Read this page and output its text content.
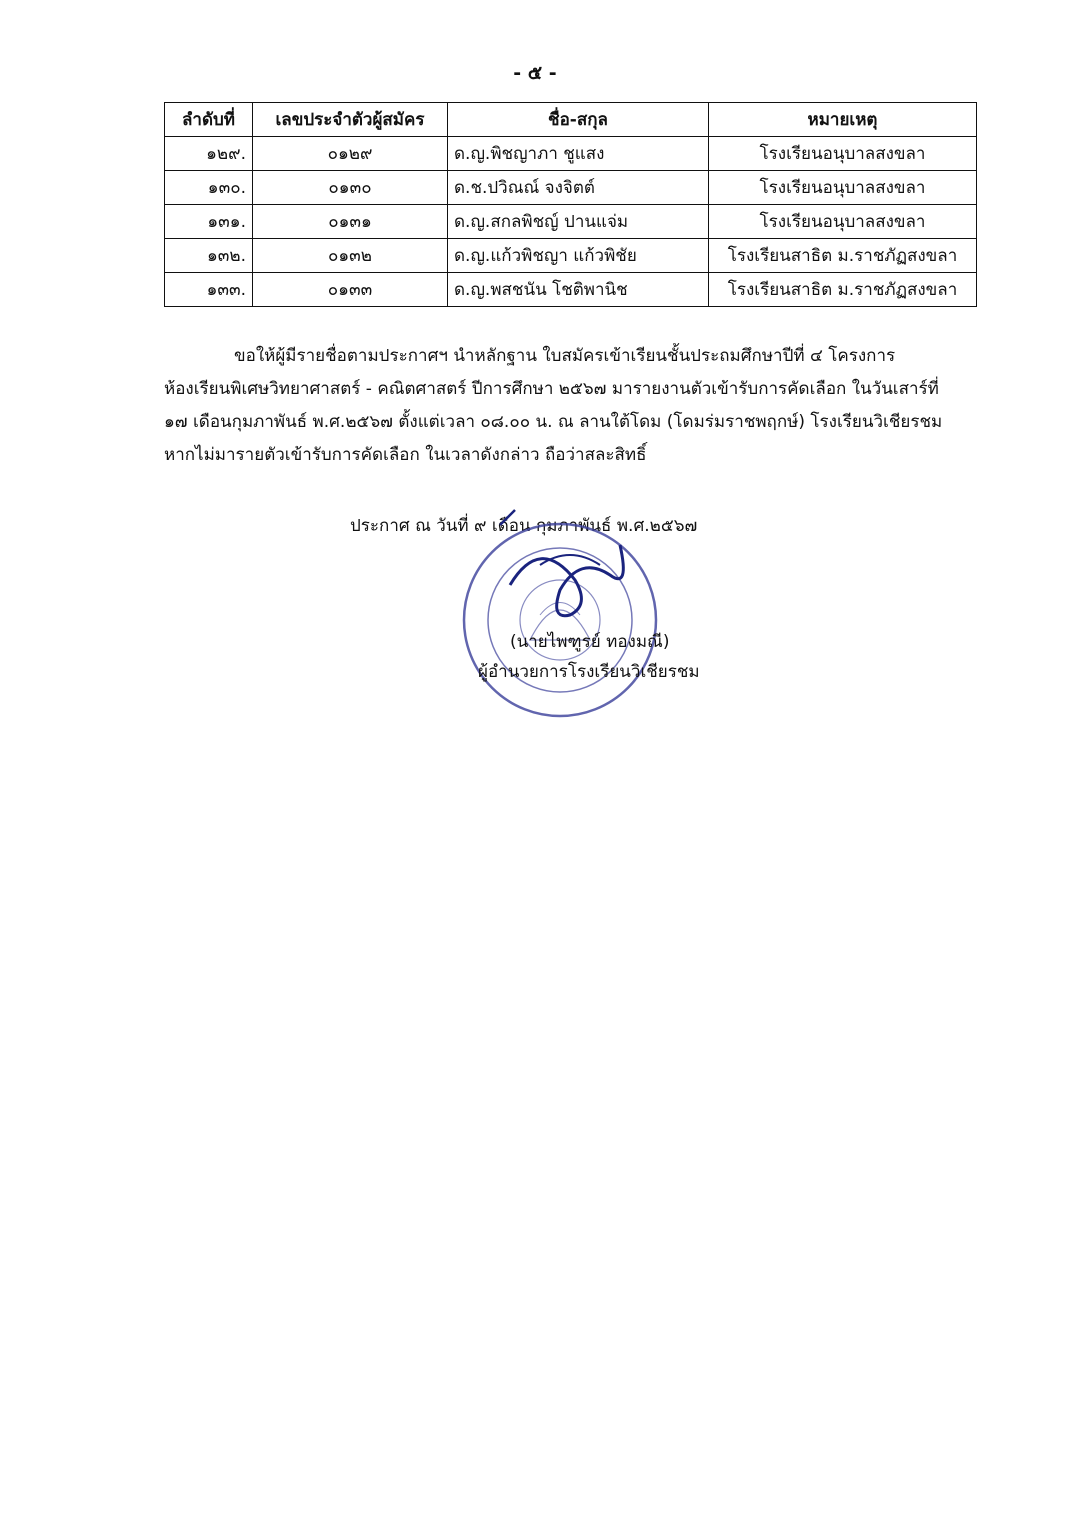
- ๕ -
ลำดับที่	เลขประจำตัวผู้สมัคร	ชื่อ-สกุล	หมายเหตุ
๑๒๙.	๐๑๒๙	ด.ญ.พิชญาภา ชูแสง	โรงเรียนอนุบาลสงขลา
๑๓๐.	๐๑๓๐	ด.ช.ปวิณณ์ จงจิตต์	โรงเรียนอนุบาลสงขลา
๑๓๑.	๐๑๓๑	ด.ญ.สกลพิชญ์ ปานแจ่ม	โรงเรียนอนุบาลสงขลา
๑๓๒.	๐๑๓๒	ด.ญ.แก้วพิชญา แก้วพิชัย	โรงเรียนสาธิต ม.ราชภัฏสงขลา
๑๓๓.	๐๑๓๓	ด.ญ.พสชนัน โชติพานิช	โรงเรียนสาธิต ม.ราชภัฏสงขลา
ขอให้ผู้มีรายชื่อตามประกาศฯ นำหลักฐาน ใบสมัครเข้าเรียนชั้นประถมศึกษาปีที่ ๔ โครงการ
ห้องเรียนพิเศษวิทยาศาสตร์ - คณิตศาสตร์ ปีการศึกษา ๒๕๖๗ มารายงานตัวเข้ารับการคัดเลือก ในวันเสาร์ที่
๑๗ เดือนกุมภาพันธ์ พ.ศ.๒๕๖๗ ตั้งแต่เวลา ๐๘.๐๐ น. ณ ลานใต้โดม (โดมร่มราชพฤกษ์) โรงเรียนวิเชียรชม
หากไม่มารายตัวเข้ารับการคัดเลือก ในเวลาดังกล่าว ถือว่าสละสิทธิ์
ประกาศ ณ วันที่ ๙ เดือน กุมภาพันธ์ พ.ศ.๒๕๖๗
(นายไพฑูรย์ ทองมณี)
ผู้อำนวยการโรงเรียนวิเชียรชม
